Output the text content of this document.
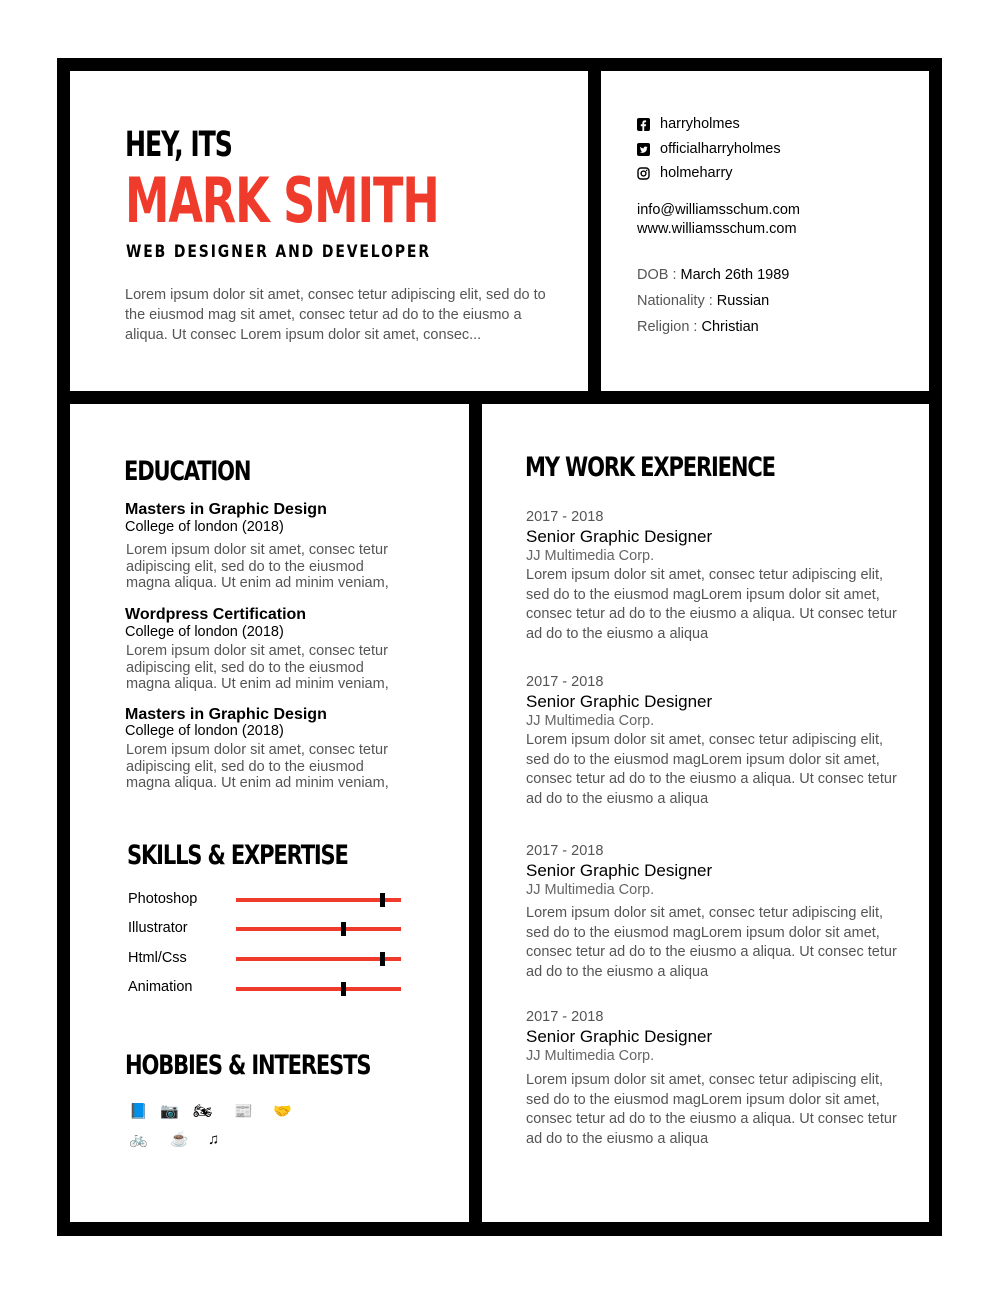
HEY, ITS
MARK SMITH
WEB DESIGNER AND DEVELOPER
Lorem ipsum dolor sit amet, consec tetur adipiscing elit, sed do to the eiusmod mag sit amet, consec tetur ad do to the eiusmo a aliqua. Ut consec Lorem ipsum dolor sit amet, consec...
harryholmes
officialharryholmes
holmeharry
info@williamsschum.com
www.williamsschum.com
DOB : March 26th 1989
Nationality : Russian
Religion : Christian
EDUCATION
Masters in Graphic Design
College of london (2018)
Lorem ipsum dolor sit amet, consec tetur adipiscing elit, sed do to the eiusmod magna aliqua. Ut enim ad minim veniam,
Wordpress Certification
College of london (2018)
Lorem ipsum dolor sit amet, consec tetur adipiscing elit, sed do to the eiusmod magna aliqua. Ut enim ad minim veniam,
Masters in Graphic Design
College of london (2018)
Lorem ipsum dolor sit amet, consec tetur adipiscing elit, sed do to the eiusmod magna aliqua. Ut enim ad minim veniam,
SKILLS & EXPERTISE
Photoshop
Illustrator
Html/Css
Animation
HOBBIES & INTERESTS
📘 📷 🏍 📰 🤝
🚲 ☕ ♫
MY WORK EXPERIENCE
2017 - 2018
Senior Graphic Designer
JJ Multimedia Corp.
Lorem ipsum dolor sit amet, consec tetur adipiscing elit, sed do to the eiusmod magLorem ipsum dolor sit amet, consec tetur ad do to the eiusmo a aliqua. Ut consec tetur ad do to the eiusmo a aliqua
2017 - 2018
Senior Graphic Designer
JJ Multimedia Corp.
Lorem ipsum dolor sit amet, consec tetur adipiscing elit, sed do to the eiusmod magLorem ipsum dolor sit amet, consec tetur ad do to the eiusmo a aliqua. Ut consec tetur ad do to the eiusmo a aliqua
2017 - 2018
Senior Graphic Designer
JJ Multimedia Corp.
Lorem ipsum dolor sit amet, consec tetur adipiscing elit, sed do to the eiusmod magLorem ipsum dolor sit amet, consec tetur ad do to the eiusmo a aliqua. Ut consec tetur ad do to the eiusmo a aliqua
2017 - 2018
Senior Graphic Designer
JJ Multimedia Corp.
Lorem ipsum dolor sit amet, consec tetur adipiscing elit, sed do to the eiusmod magLorem ipsum dolor sit amet, consec tetur ad do to the eiusmo a aliqua. Ut consec tetur ad do to the eiusmo a aliqua
